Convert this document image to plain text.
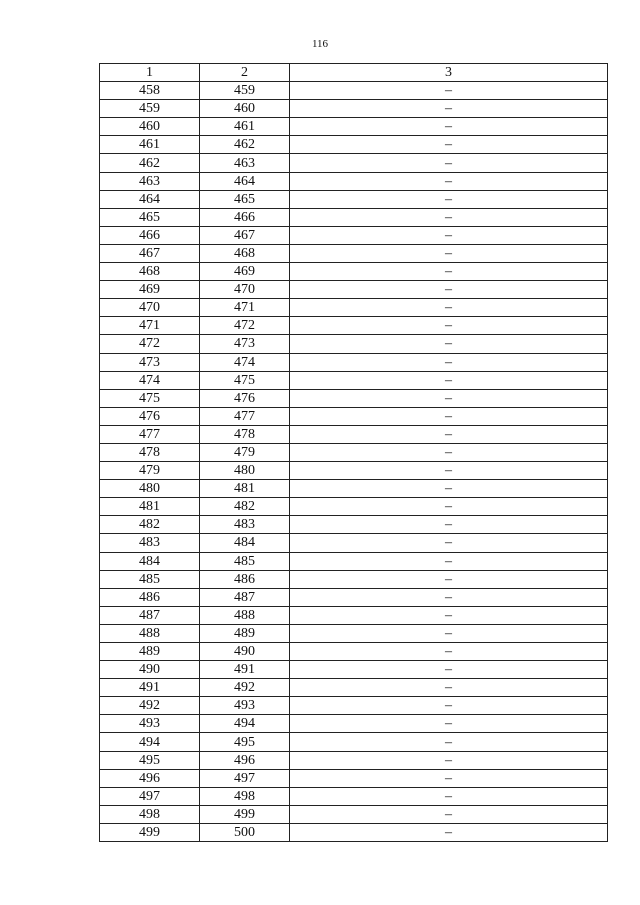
116
1	2	3
458	459	–
459	460	–
460	461	–
461	462	–
462	463	–
463	464	–
464	465	–
465	466	–
466	467	–
467	468	–
468	469	–
469	470	–
470	471	–
471	472	–
472	473	–
473	474	–
474	475	–
475	476	–
476	477	–
477	478	–
478	479	–
479	480	–
480	481	–
481	482	–
482	483	–
483	484	–
484	485	–
485	486	–
486	487	–
487	488	–
488	489	–
489	490	–
490	491	–
491	492	–
492	493	–
493	494	–
494	495	–
495	496	–
496	497	–
497	498	–
498	499	–
499	500	–
